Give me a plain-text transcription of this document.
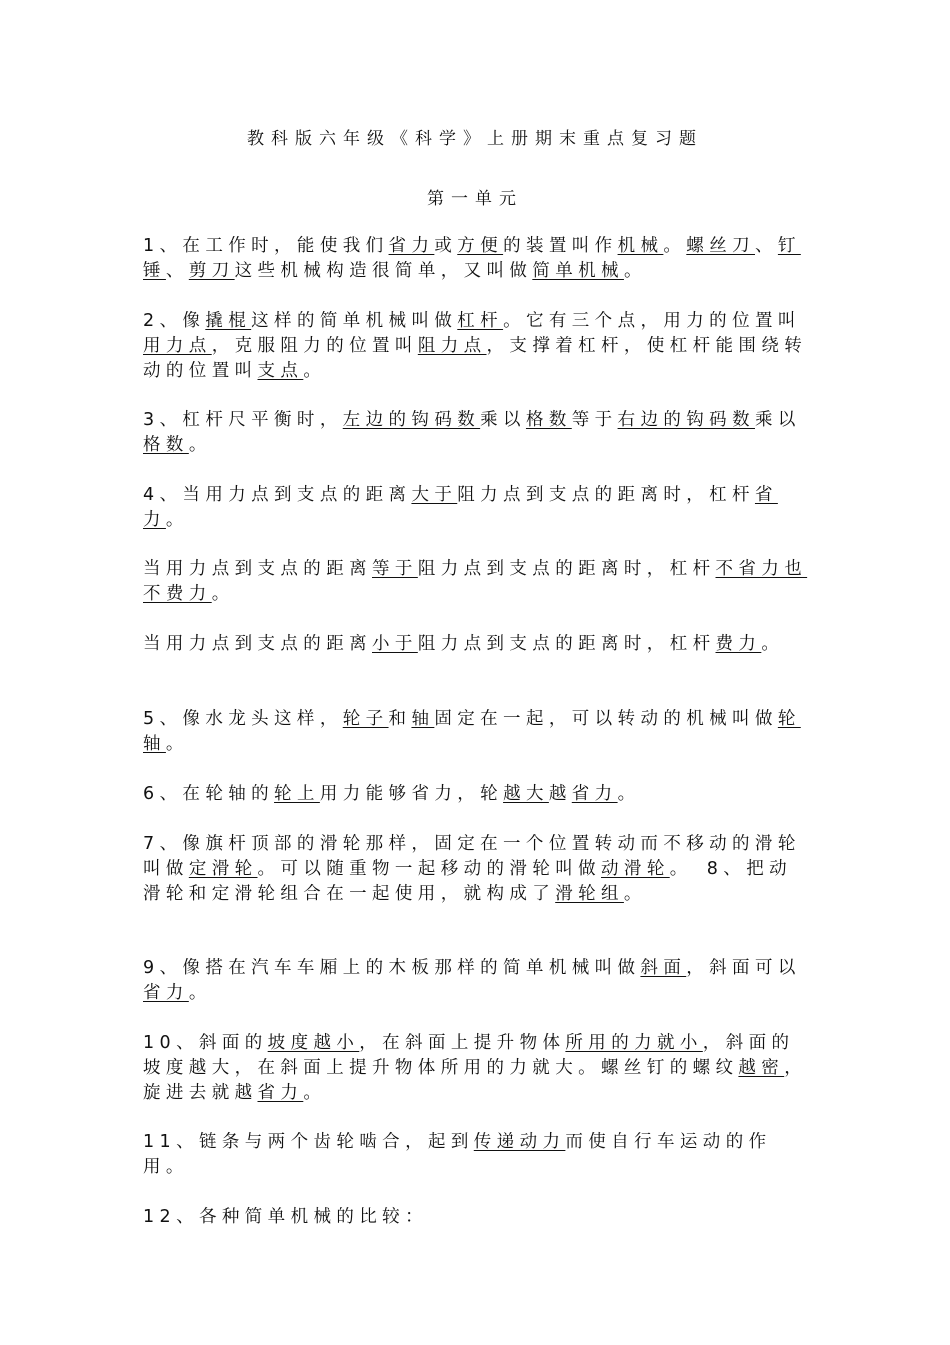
教科版六年级《科学》上册期末重点复习题
第一单元
1、在工作时，能使我们省力或方便的装置叫作机械。螺丝刀、钉锤、剪刀这些机械构造很简单，又叫做简单机械。
2、像撬棍这样的简单机械叫做杠杆。它有三个点，用力的位置叫用力点，克服阻力的位置叫阻力点，支撑着杠杆，使杠杆能围绕转动的位置叫支点。
3、杠杆尺平衡时，左边的钩码数乘以格数等于右边的钩码数乘以格数。
4、当用力点到支点的距离大于阻力点到支点的距离时，杠杆省力。
当用力点到支点的距离等于阻力点到支点的距离时，杠杆不省力也不费力。
当用力点到支点的距离小于阻力点到支点的距离时，杠杆费力。
5、像水龙头这样，轮子和轴固定在一起，可以转动的机械叫做轮轴。
6、在轮轴的轮上用力能够省力，轮越大越省力。
7、像旗杆顶部的滑轮那样，固定在一个位置转动而不移动的滑轮叫做定滑轮。可以随重物一起移动的滑轮叫做动滑轮。　8、把动滑轮和定滑轮组合在一起使用，就构成了滑轮组。
9、像搭在汽车车厢上的木板那样的简单机械叫做斜面，斜面可以省力。
10、斜面的坡度越小，在斜面上提升物体所用的力就小，斜面的坡度越大，在斜面上提升物体所用的力就大。螺丝钉的螺纹越密，旋进去就越省力。
11、链条与两个齿轮啮合，起到传递动力而使自行车运动的作用。
12、各种简单机械的比较：
